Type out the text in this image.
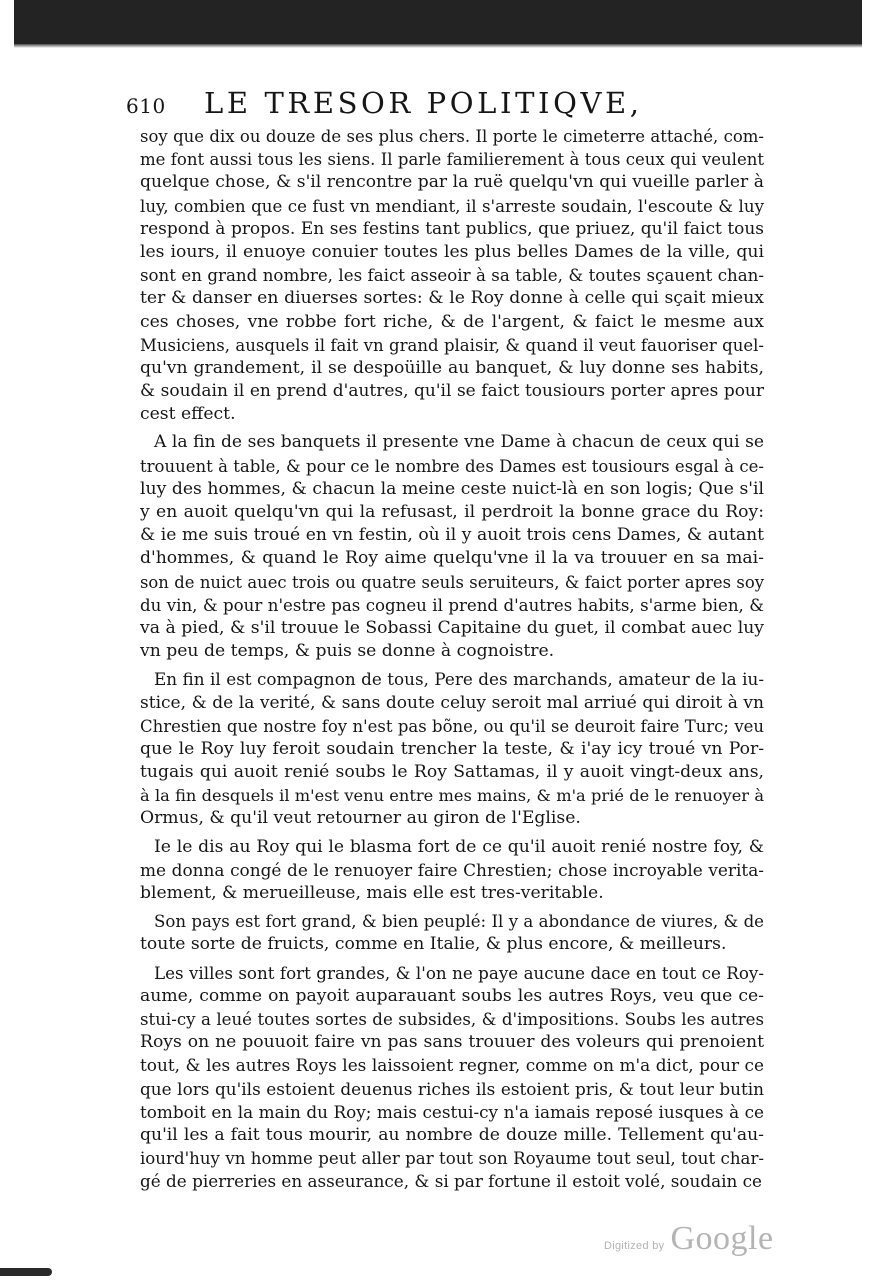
610 LE TRESOR POLITIQVE,
soy que dix ou douze de ses plus chers. Il porte le cimeterre attaché, com-
me font aussi tous les siens. Il parle familierement à tous ceux qui veulent
quelque chose, & s'il rencontre par la ruë quelqu'vn qui vueille parler à
luy, combien que ce fust vn mendiant, il s'arreste soudain, l'escoute & luy
respond à propos. En ses festins tant publics, que priuez, qu'il faict tous
les iours, il enuoye conuier toutes les plus belles Dames de la ville, qui
sont en grand nombre, les faict asseoir à sa table, & toutes sçauent chan-
ter & danser en diuerses sortes: & le Roy donne à celle qui sçait mieux
ces choses, vne robbe fort riche, & de l'argent, & faict le mesme aux
Musiciens, ausquels il fait vn grand plaisir, & quand il veut fauoriser quel-
qu'vn grandement, il se despoüille au banquet, & luy donne ses habits,
& soudain il en prend d'autres, qu'il se faict tousiours porter apres pour
cest effect.
A la fin de ses banquets il presente vne Dame à chacun de ceux qui se
trouuent à table, & pour ce le nombre des Dames est tousiours esgal à ce-
luy des hommes, & chacun la meine ceste nuict-là en son logis; Que s'il
y en auoit quelqu'vn qui la refusast, il perdroit la bonne grace du Roy:
& ie me suis troué en vn festin, où il y auoit trois cens Dames, & autant
d'hommes, & quand le Roy aime quelqu'vne il la va trouuer en sa mai-
son de nuict auec trois ou quatre seuls seruiteurs, & faict porter apres soy
du vin, & pour n'estre pas cogneu il prend d'autres habits, s'arme bien, &
va à pied, & s'il trouue le Sobassi Capitaine du guet, il combat auec luy
vn peu de temps, & puis se donne à cognoistre.
En fin il est compagnon de tous, Pere des marchands, amateur de la iu-
stice, & de la verité, & sans doute celuy seroit mal arriué qui diroit à vn
Chrestien que nostre foy n'est pas bõne, ou qu'il se deuroit faire Turc; veu
que le Roy luy feroit soudain trencher la teste, & i'ay icy troué vn Por-
tugais qui auoit renié soubs le Roy Sattamas, il y auoit vingt-deux ans,
à la fin desquels il m'est venu entre mes mains, & m'a prié de le renuoyer à
Ormus, & qu'il veut retourner au giron de l'Eglise.
Ie le dis au Roy qui le blasma fort de ce qu'il auoit renié nostre foy, &
me donna congé de le renuoyer faire Chrestien; chose incroyable verita-
blement, & merueilleuse, mais elle est tres-veritable.
Son pays est fort grand, & bien peuplé: Il y a abondance de viures, & de
toute sorte de fruicts, comme en Italie, & plus encore, & meilleurs.
Les villes sont fort grandes, & l'on ne paye aucune dace en tout ce Roy-
aume, comme on payoit auparauant soubs les autres Roys, veu que ce-
stui-cy a leué toutes sortes de subsides, & d'impositions. Soubs les autres
Roys on ne pouuoit faire vn pas sans trouuer des voleurs qui prenoient
tout, & les autres Roys les laissoient regner, comme on m'a dict, pour ce
que lors qu'ils estoient deuenus riches ils estoient pris, & tout leur butin
tomboit en la main du Roy; mais cestui-cy n'a iamais reposé iusques à ce
qu'il les a fait tous mourir, au nombre de douze mille. Tellement qu'au-
iourd'huy vn homme peut aller par tout son Royaume tout seul, tout char-
gé de pierreries en asseurance, & si par fortune il estoit volé, soudain ce
Digitized by Google
